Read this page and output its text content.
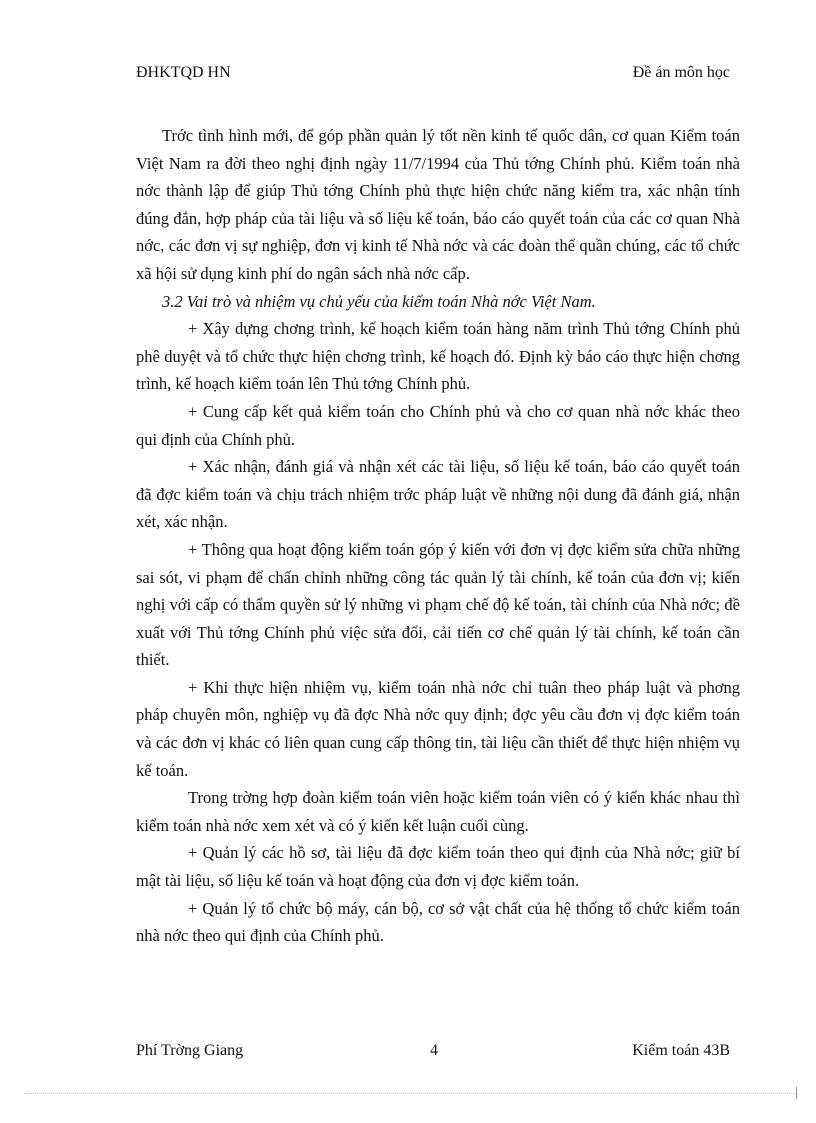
ĐHKTQD HN	Đề án môn học

Trớc tình hình mới, để góp phần quản lý tốt nền kinh tế quốc dân, cơ quan Kiểm toán Việt Nam ra đời theo nghị định ngày 11/7/1994 của Thủ tớng Chính phủ. Kiểm toán nhà nớc thành lập để giúp Thủ tớng Chính phủ thực hiện chức năng kiểm tra, xác nhận tính đúng đắn, hợp pháp của tài liệu và số liệu kế toán, báo cáo quyết toán của các cơ quan Nhà nớc, các đơn vị sự nghiệp, đơn vị kinh tế Nhà nớc và các đoàn thể quần chúng, các tổ chức xã hội sử dụng kinh phí do ngân sách nhà nớc cấp.

3.2 Vai trò và nhiệm vụ chủ yếu của kiểm toán Nhà nớc Việt Nam.

+ Xây dựng chơng trình, kế hoạch kiểm toán hàng năm trình Thủ tớng Chính phủ phê duyệt và tổ chức thực hiện chơng trình, kế hoạch đó. Định kỳ báo cáo thực hiện chơng trình, kế hoạch kiểm toán lên Thủ tớng Chính phủ.

+ Cung cấp kết quả kiểm toán cho Chính phủ và cho cơ quan nhà nớc khác theo qui định của Chính phủ.

+ Xác nhận, đánh giá và nhận xét các tài liệu, số liệu kế toán, báo cáo quyết toán đã đợc kiểm toán và chịu trách nhiệm trớc pháp luật về những nội dung đã đánh giá, nhận xét, xác nhận.

+ Thông qua hoạt động kiểm toán góp ý kiến với đơn vị đợc kiểm sửa chữa những sai sót, vi phạm để chấn chỉnh những công tác quản lý tài chính, kế toán của đơn vị; kiến nghị với cấp có thẩm quyền sử lý những vi phạm chế độ kế toán, tài chính của Nhà nớc; đề xuất với Thủ tớng Chính phủ việc sửa đổi, cải tiến cơ chế quản lý tài chính, kế toán cần thiết.

+ Khi thực hiện nhiệm vụ, kiểm toán nhà nớc chỉ tuân theo pháp luật và phơng pháp chuyên môn, nghiệp vụ đã đợc Nhà nớc quy định; đợc yêu cầu đơn vị đợc kiểm toán và các đơn vị khác có liên quan cung cấp thông tin, tài liệu cần thiết để thực hiện nhiệm vụ kế toán.

Trong trờng hợp đoàn kiểm toán viên hoặc kiểm toán viên có ý kiến khác nhau thì kiểm toán nhà nớc xem xét và có ý kiến kết luận cuối cùng.

+ Quản lý các hồ sơ, tài liệu đã đợc kiểm toán theo qui định của Nhà nớc; giữ bí mật tài liệu, số liệu kế toán và hoạt động của đơn vị đợc kiểm toán.

+ Quản lý tổ chức bộ máy, cán bộ, cơ sở vật chất của hệ thống tổ chức kiểm toán nhà nớc theo qui định của Chính phủ.

Phí Trờng Giang	4	Kiểm toán 43B
